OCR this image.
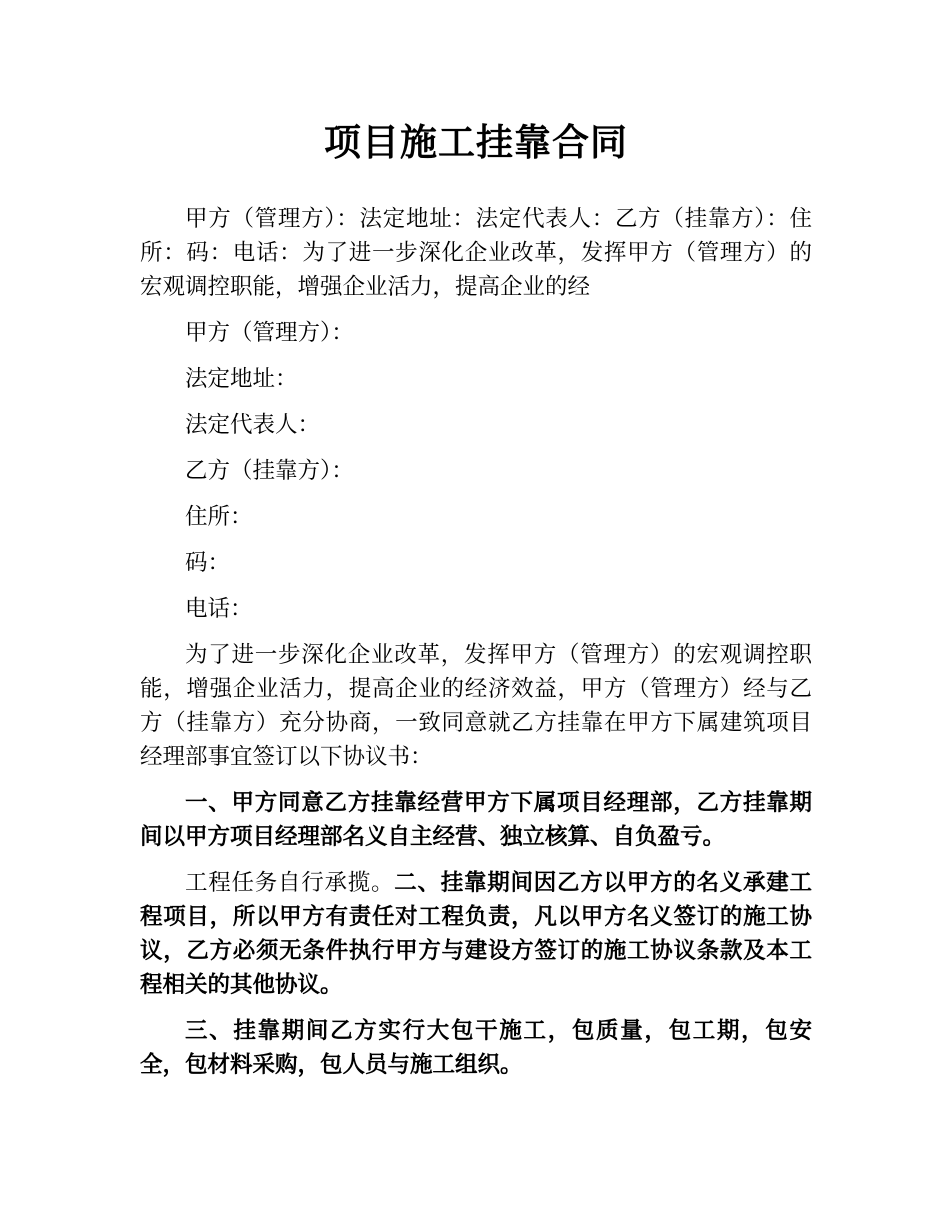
项目施工挂靠合同

甲方（管理方）：法定地址：法定代表人：乙方（挂靠方）：住所：码：电话：为了进一步深化企业改革，发挥甲方（管理方）的宏观调控职能，增强企业活力，提高企业的经

甲方（管理方）：

法定地址：

法定代表人：

乙方（挂靠方）：

住所：

码：

电话：

为了进一步深化企业改革，发挥甲方（管理方）的宏观调控职能，增强企业活力，提高企业的经济效益，甲方（管理方）经与乙方（挂靠方）充分协商，一致同意就乙方挂靠在甲方下属建筑项目经理部事宜签订以下协议书：

一、甲方同意乙方挂靠经营甲方下属项目经理部，乙方挂靠期间以甲方项目经理部名义自主经营、独立核算、自负盈亏。

工程任务自行承揽。二、挂靠期间因乙方以甲方的名义承建工程项目，所以甲方有责任对工程负责，凡以甲方名义签订的施工协议，乙方必须无条件执行甲方与建设方签订的施工协议条款及本工程相关的其他协议。

三、挂靠期间乙方实行大包干施工，包质量，包工期，包安全，包材料采购，包人员与施工组织。
